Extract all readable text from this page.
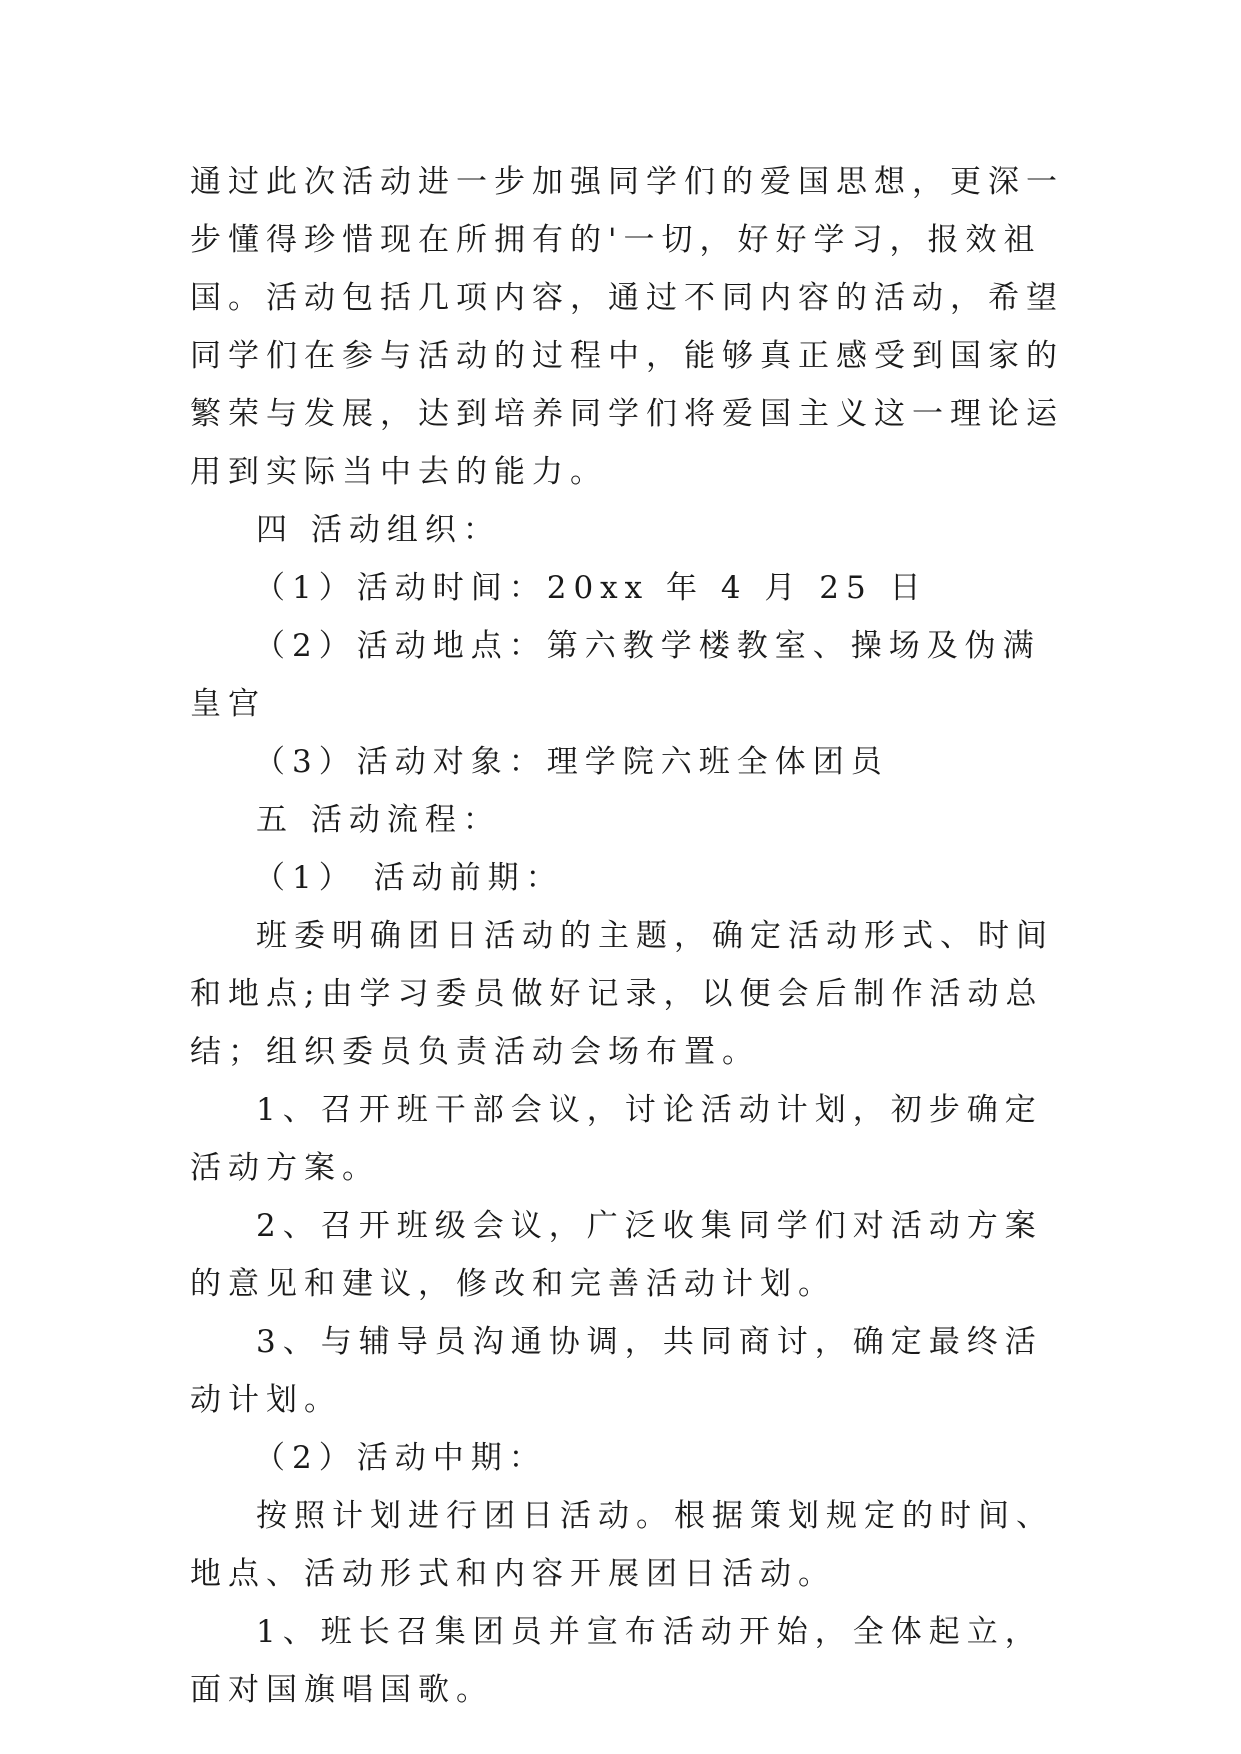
通过此次活动进一步加强同学们的爱国思想，更深一步懂得珍惜现在所拥有的'一切，好好学习，报效祖国。活动包括几项内容，通过不同内容的活动，希望同学们在参与活动的过程中，能够真正感受到国家的繁荣与发展，达到培养同学们将爱国主义这一理论运用到实际当中去的能力。

四 活动组织：

（1）活动时间：20xx 年 4 月 25 日

（2）活动地点：第六教学楼教室、操场及伪满皇宫

（3）活动对象：理学院六班全体团员

五 活动流程：

（1） 活动前期：

班委明确团日活动的主题，确定活动形式、时间和地点;由学习委员做好记录，以便会后制作活动总结；组织委员负责活动会场布置。

1、召开班干部会议，讨论活动计划，初步确定活动方案。

2、召开班级会议，广泛收集同学们对活动方案的意见和建议，修改和完善活动计划。

3、与辅导员沟通协调，共同商讨，确定最终活动计划。

（2）活动中期：

按照计划进行团日活动。根据策划规定的时间、地点、活动形式和内容开展团日活动。

1、班长召集团员并宣布活动开始，全体起立，面对国旗唱国歌。
